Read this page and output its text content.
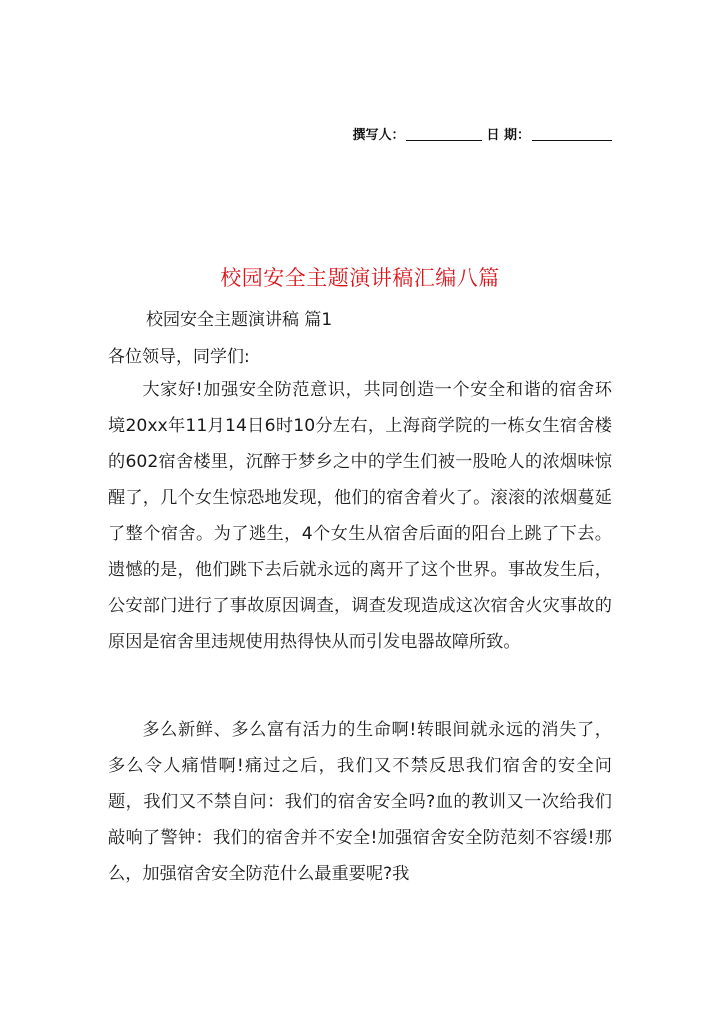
撰写人：	日 期：
校园安全主题演讲稿汇编八篇
校园安全主题演讲稿 篇1
各位领导，同学们:

大家好!加强安全防范意识，共同创造一个安全和谐的宿舍环境20xx年11月14日6时10分左右，上海商学院的一栋女生宿舍楼的602宿舍楼里，沉醉于梦乡之中的学生们被一股呛人的浓烟味惊醒了，几个女生惊恐地发现，他们的宿舍着火了。滚滚的浓烟蔓延了整个宿舍。为了逃生，4个女生从宿舍后面的阳台上跳了下去。遗憾的是，他们跳下去后就永远的离开了这个世界。事故发生后，公安部门进行了事故原因调查，调查发现造成这次宿舍火灾事故的原因是宿舍里违规使用热得快从而引发电器故障所致。

多么新鲜、多么富有活力的生命啊!转眼间就永远的消失了，多么令人痛惜啊!痛过之后，我们又不禁反思我们宿舍的安全问题，我们又不禁自问：我们的宿舍安全吗?血的教训又一次给我们敲响了警钟：我们的宿舍并不安全!加强宿舍安全防范刻不容缓!那么，加强宿舍安全防范什么最重要呢?我
